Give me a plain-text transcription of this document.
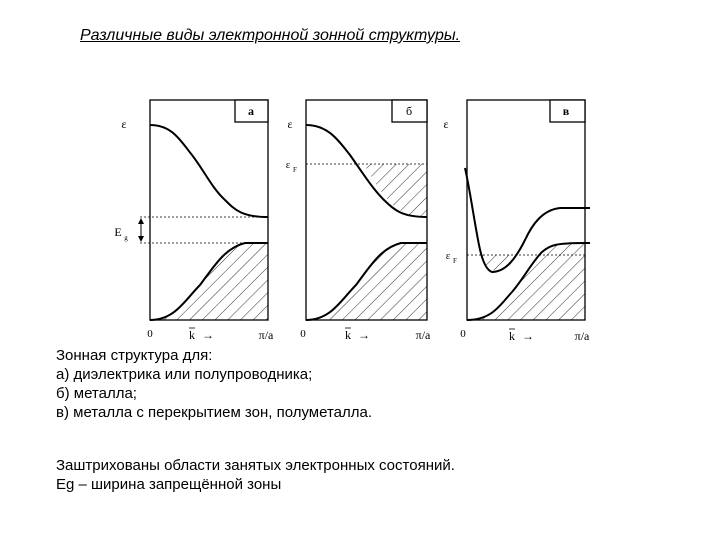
Различные виды электронной зонной структуры.
а
ε
E g
0	k →	π/a
б
ε
ε F
0	k →	π/a
в
ε
ε F
0	k →	π/a
Зонная структура для:
а) диэлектрика или полупроводника;
б) металла;
в) металла с перекрытием зон, полуметалла.
Заштрихованы области занятых электронных состояний.
Eg – ширина запрещённой зоны
